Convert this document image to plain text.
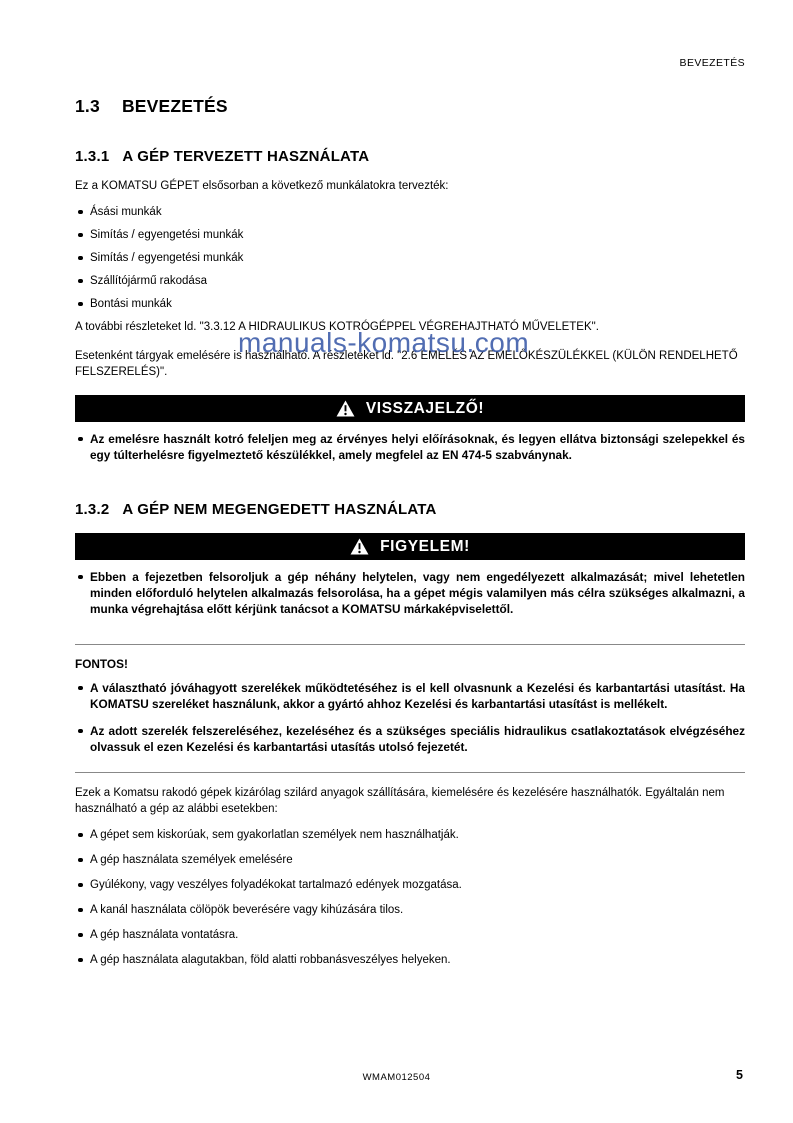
BEVEZETÉS
1.3 BEVEZETÉS
1.3.1 A GÉP TERVEZETT HASZNÁLATA

Ez a KOMATSU GÉPET elsősorban a következő munkálatokra tervezték:

Ásási munkák
Simítás / egyengetési munkák
Simítás / egyengetési munkák
Szállítójármű rakodása
Bontási munkák

A további részleteket ld. "3.3.12 A HIDRAULIKUS KOTRÓGÉPPEL VÉGREHAJTHATÓ MŰVELETEK".

Esetenként tárgyak emelésére is használható. A részleteket ld. "2.6 EMELÉS AZ EMELŐKÉSZÜLÉKKEL (KÜLÖN RENDELHETŐ FELSZERELÉS)".

VISSZAJELZŐ!
Az emelésre használt kotró feleljen meg az érvényes helyi előírásoknak, és legyen ellátva biztonsági szelepekkel és egy túlterhelésre figyelmeztető készülékkel, amely megfelel az EN 474-5 szabványnak.
1.3.2 A GÉP NEM MEGENGEDETT HASZNÁLATA
FIGYELEM!
Ebben a fejezetben felsoroljuk a gép néhány helytelen, vagy nem engedélyezett alkalmazását; mivel lehetetlen minden előforduló helytelen alkalmazás felsorolása, ha a gépet mégis valamilyen más célra szükséges alkalmazni, a munka végrehajtása előtt kérjünk tanácsot a KOMATSU márkaképviselettől.
FONTOS!
A választható jóváhagyott szerelékek működtetéséhez is el kell olvasnunk a Kezelési és karbantartási utasítást. Ha KOMATSU szereléket használunk, akkor a gyártó ahhoz Kezelési és karbantartási utasítást is mellékelt.
Az adott szerelék felszereléséhez, kezeléséhez és a szükséges speciális hidraulikus csatlakoztatások elvégzéséhez olvassuk el ezen Kezelési és karbantartási utasítás utolsó fejezetét.

Ezek a Komatsu rakodó gépek kizárólag szilárd anyagok szállítására, kiemelésére és kezelésére használhatók. Egyáltalán nem használható a gép az alábbi esetekben:

A gépet sem kiskorúak, sem gyakorlatlan személyek nem használhatják.
A gép használata személyek emelésére
Gyúlékony, vagy veszélyes folyadékokat tartalmazó edények mozgatása.
A kanál használata cölöpök beverésére vagy kihúzására tilos.
A gép használata vontatásra.
A gép használata alagutakban, föld alatti robbanásveszélyes helyeken.
manuals-komatsu.com
WMAM012504	5
